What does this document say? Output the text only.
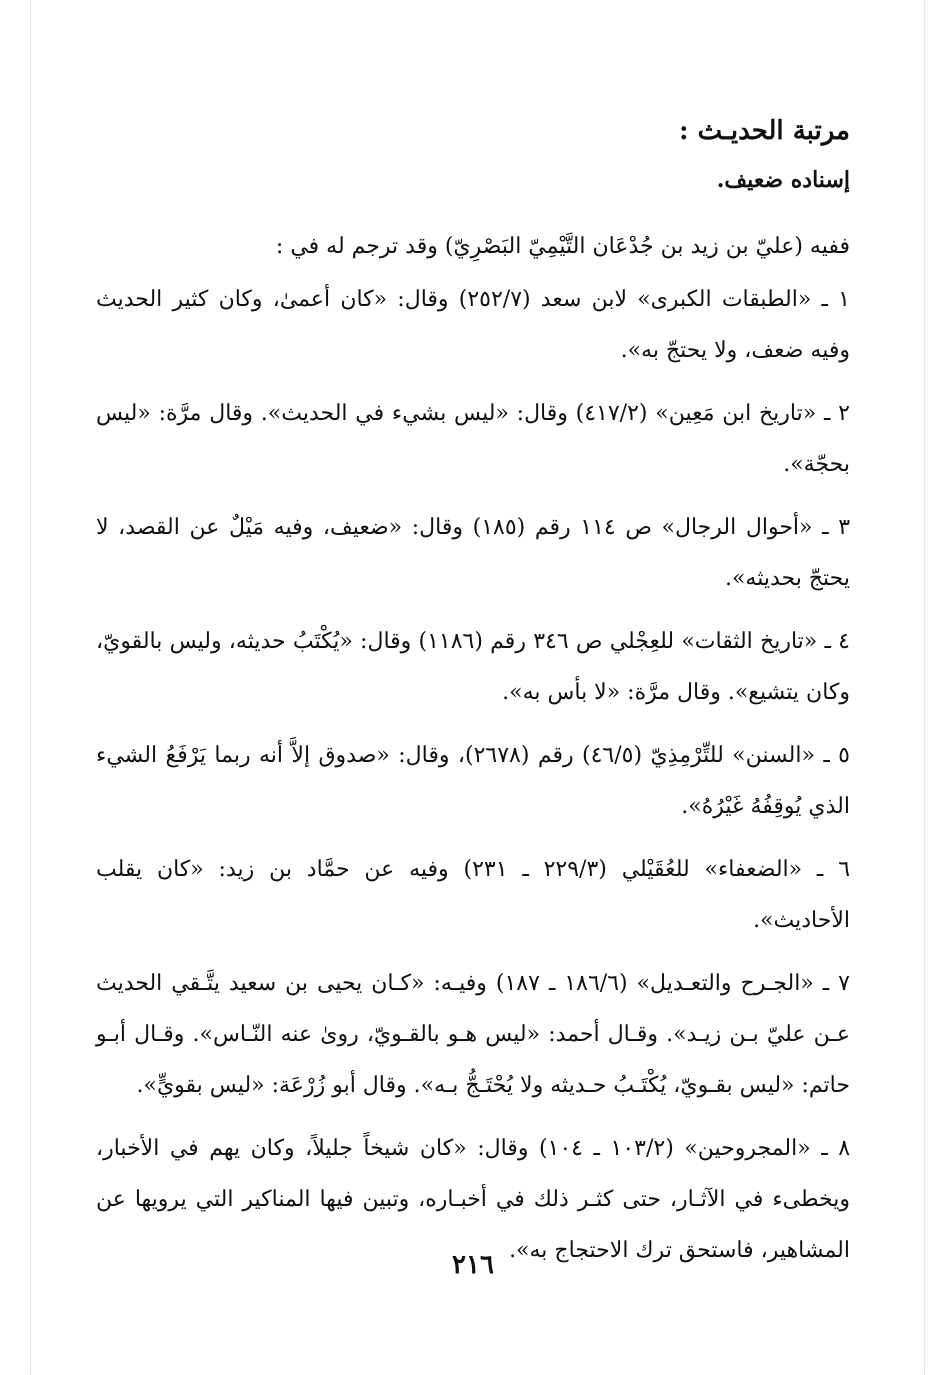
مرتبة الحديـث :
إسناده ضعيف.

ففيه (عليّ بن زيد بن جُدْعَان التَّيْمِيّ البَصْرِيّ) وقد ترجم له في :

١ ـ «الطبقات الكبرى» لابن سعد (٢٥٢/٧) وقال: «كان أعمىٰ، وكان كثير الحديث وفيه ضعف، ولا يحتجّ به».

٢ ـ «تاريخ ابن مَعِين» (٤١٧/٢) وقال: «ليس بشيء في الحديث». وقال مرَّة: «ليس بحجّة».

٣ ـ «أحوال الرجال» ص ١١٤ رقم (١٨٥) وقال: «ضعيف، وفيه مَيْلٌ عن القصد، لا يحتجّ بحديثه».

٤ ـ «تاريخ الثقات» للعِجْلي ص ٣٤٦ رقم (١١٨٦) وقال: «يُكْتَبُ حديثه، وليس بالقويّ، وكان يتشيع». وقال مرَّة: «لا بأس به».

٥ ـ «السنن» للتِّرْمِذِيّ (٤٦/٥) رقم (٢٦٧٨)، وقال: «صدوق إلاَّ أنه ربما يَرْفَعُ الشيء الذي يُوقِفُهُ غَيْرُهُ».

٦ ـ «الضعفاء» للعُقَيْلي (٢٢٩/٣ ـ ٢٣١) وفيه عن حمَّاد بن زيد: «كان يقلب الأحاديث».

٧ ـ «الجـرح والتعـديل» (١٨٦/٦ ـ ١٨٧) وفيـه: «كـان يحيى بن سعيد يتَّـقي الحديث عـن عليّ بـن زيـد». وقـال أحمد: «ليس هـو بالقـويّ، روىٰ عنه النّـاس». وقـال أبـو حاتم: «ليس بقـويّ، يُكْتَـبُ حـديثه ولا يُحْتَـجُّ بـه». وقال أبو زُرْعَة: «ليس بقويٍّ».

٨ ـ «المجروحين» (١٠٣/٢ ـ ١٠٤) وقال: «كان شيخاً جليلاً، وكان يهم في الأخبار، ويخطىء في الآثـار، حتى كثـر ذلك في أخبـاره، وتبين فيها المناكير التي يرويها عن المشاهير، فاستحق ترك الاحتجاج به».

٢١٦
